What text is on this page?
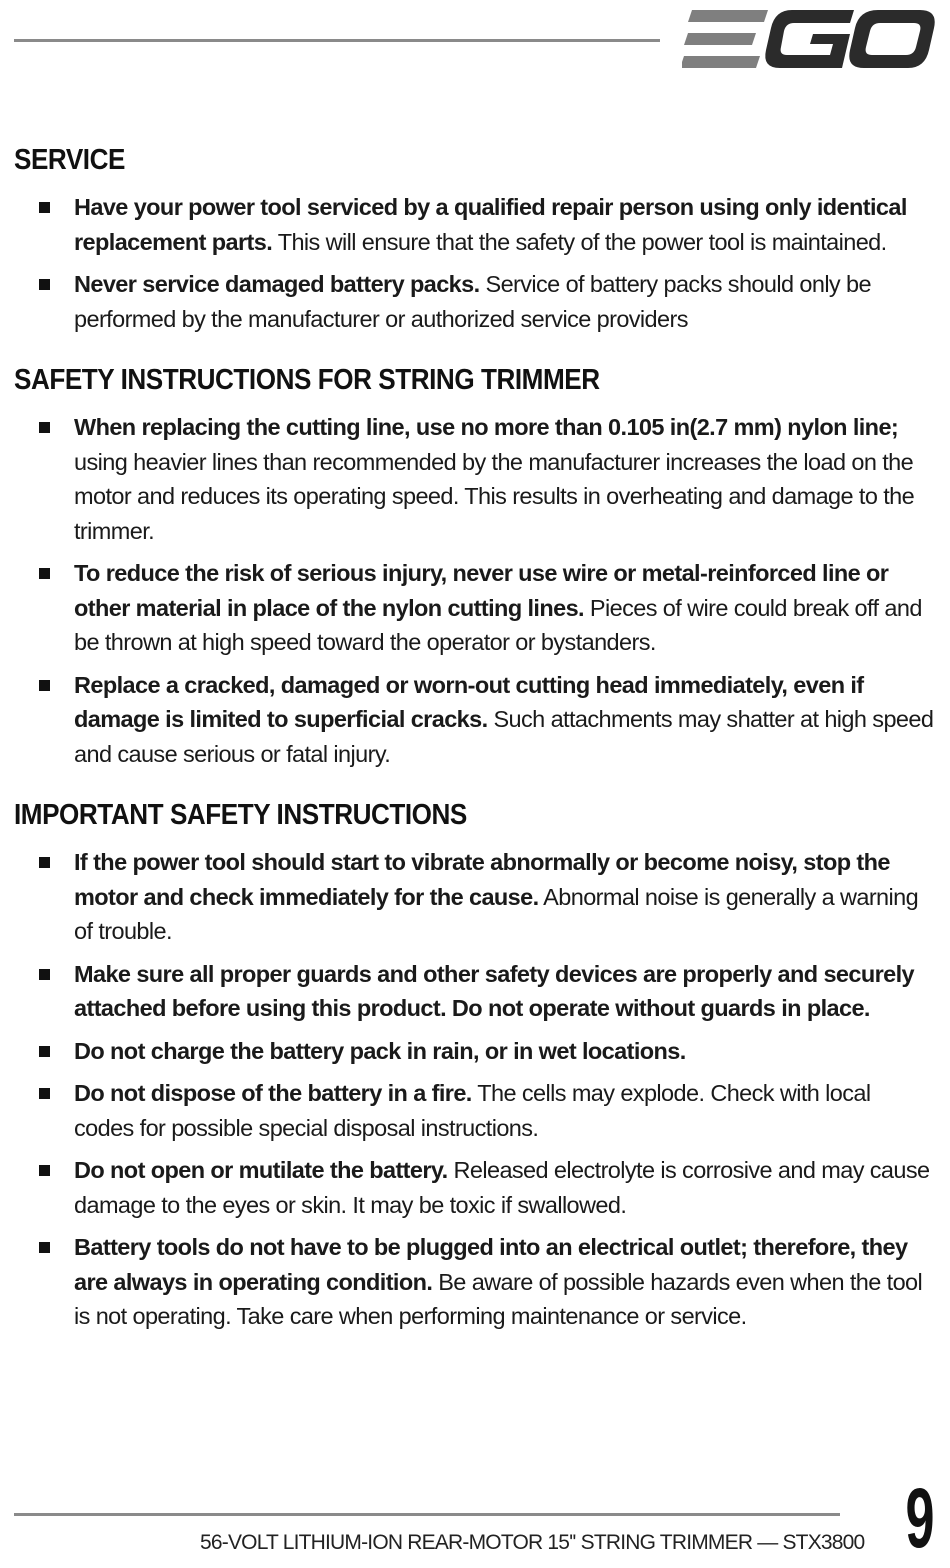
SERVICE
Have your power tool serviced by a qualified repair person using only identical replacement parts. This will ensure that the safety of the power tool is maintained.
Never service damaged battery packs. Service of battery packs should only be performed by the manufacturer or authorized service providers
SAFETY INSTRUCTIONS FOR STRING TRIMMER
When replacing the cutting line, use no more than 0.105 in(2.7 mm) nylon line; using heavier lines than recommended by the manufacturer increases the load on the motor and reduces its operating speed. This results in overheating and damage to the trimmer.
To reduce the risk of serious injury, never use wire or metal-reinforced line or other material in place of the nylon cutting lines. Pieces of wire could break off and be thrown at high speed toward the operator or bystanders.
Replace a cracked, damaged or worn-out cutting head immediately, even if damage is limited to superficial cracks. Such attachments may shatter at high speed and cause serious or fatal injury.
IMPORTANT SAFETY INSTRUCTIONS
If the power tool should start to vibrate abnormally or become noisy, stop the motor and check immediately for the cause. Abnormal noise is generally a warning of trouble.
Make sure all proper guards and other safety devices are properly and securely attached before using this product. Do not operate without guards in place.
Do not charge the battery pack in rain, or in wet locations.
Do not dispose of the battery in a fire. The cells may explode. Check with local codes for possible special disposal instructions.
Do not open or mutilate the battery. Released electrolyte is corrosive and may cause damage to the eyes or skin. It may be toxic if swallowed.
Battery tools do not have to be plugged into an electrical outlet; therefore, they are always in operating condition. Be aware of possible hazards even when the tool is not operating. Take care when performing maintenance or service.
56-VOLT LITHIUM-ION REAR-MOTOR 15'' STRING TRIMMER — STX3800 9
